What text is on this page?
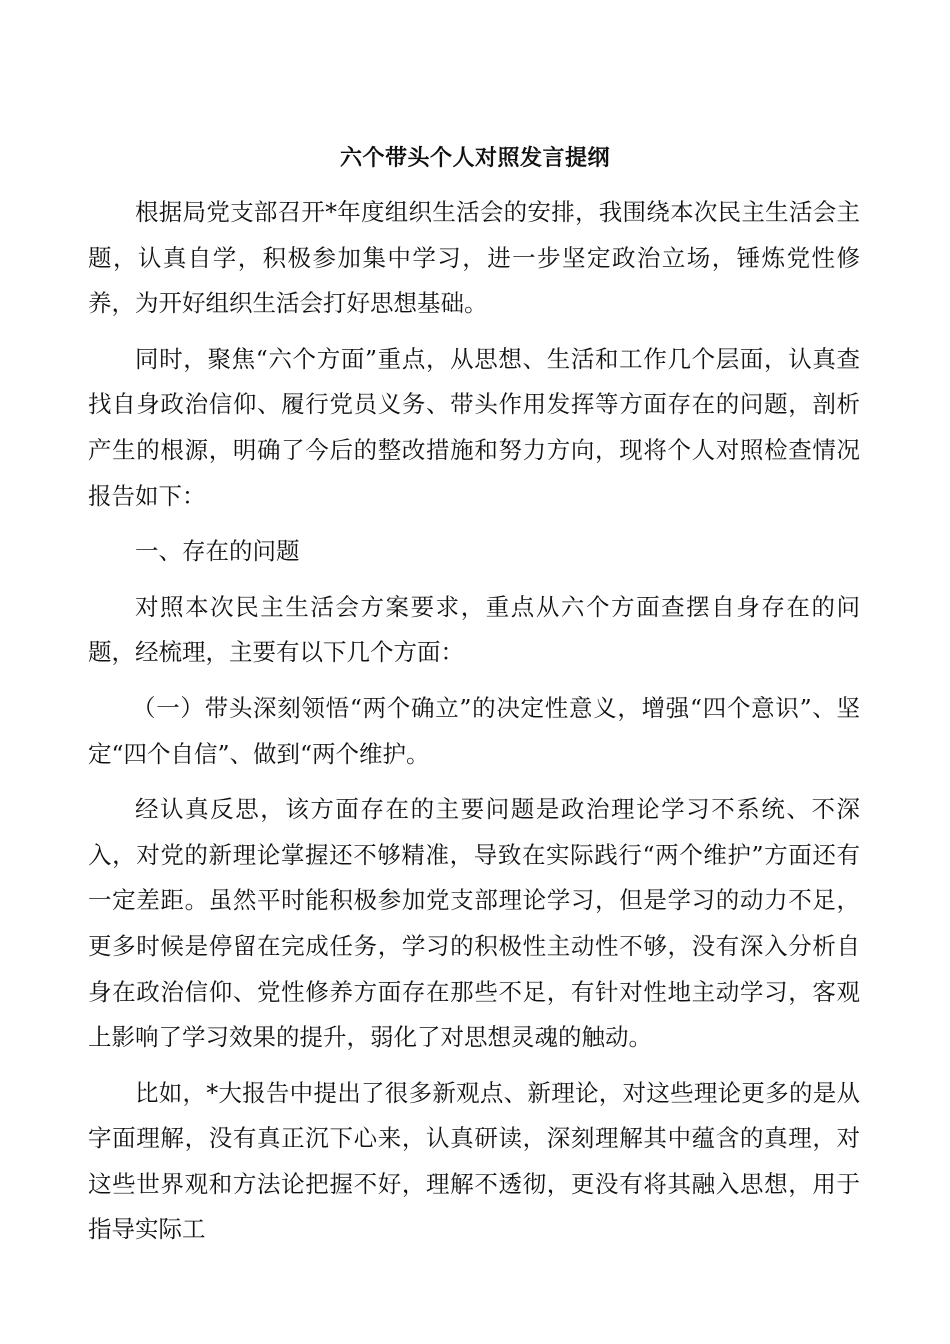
六个带头个人对照发言提纲

根据局党支部召开*年度组织生活会的安排，我围绕本次民主生活会主题，认真自学，积极参加集中学习，进一步坚定政治立场，锤炼党性修养，为开好组织生活会打好思想基础。

同时，聚焦“六个方面”重点，从思想、生活和工作几个层面，认真查找自身政治信仰、履行党员义务、带头作用发挥等方面存在的问题，剖析产生的根源，明确了今后的整改措施和努力方向，现将个人对照检查情况报告如下：

一、存在的问题

对照本次民主生活会方案要求，重点从六个方面查摆自身存在的问题，经梳理，主要有以下几个方面：

（一）带头深刻领悟“两个确立”的决定性意义，增强“四个意识”、坚定“四个自信”、做到“两个维护。

经认真反思，该方面存在的主要问题是政治理论学习不系统、不深入，对党的新理论掌握还不够精准，导致在实际践行“两个维护”方面还有一定差距。虽然平时能积极参加党支部理论学习，但是学习的动力不足，更多时候是停留在完成任务，学习的积极性主动性不够，没有深入分析自身在政治信仰、党性修养方面存在那些不足，有针对性地主动学习，客观上影响了学习效果的提升，弱化了对思想灵魂的触动。

比如，*大报告中提出了很多新观点、新理论，对这些理论更多的是从字面理解，没有真正沉下心来，认真研读，深刻理解其中蕴含的真理，对这些世界观和方法论把握不好，理解不透彻，更没有将其融入思想，用于指导实际工
